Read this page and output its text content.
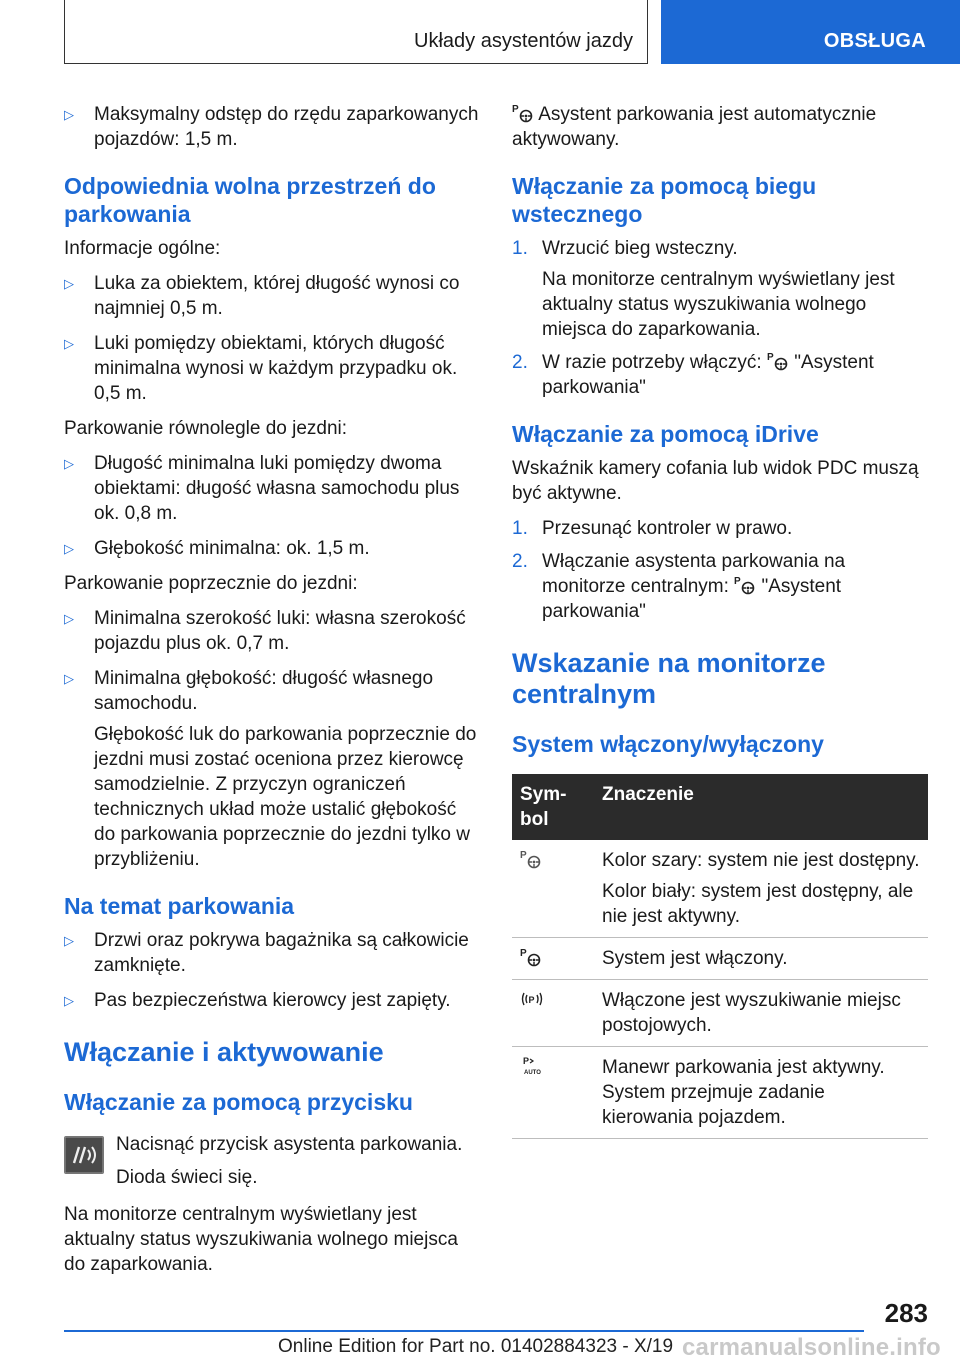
Układy asystentów jazdy	OBSŁUGA
▷ Maksymalny odstęp do rzędu zaparkowanych pojazdów: 1,5 m.
Odpowiednia wolna przestrzeń do parkowania

Informacje ogólne:

▷ Luka za obiektem, której długość wynosi co najmniej 0,5 m.
▷ Luki pomiędzy obiektami, których długość minimalna wynosi w każdym przypadku ok. 0,5 m.

Parkowanie równolegle do jezdni:

▷ Długość minimalna luki pomiędzy dwoma obiektami: długość własna samochodu plus ok. 0,8 m.
▷ Głębokość minimalna: ok. 1,5 m.

Parkowanie poprzecznie do jezdni:

▷ Minimalna szerokość luki: własna szerokość pojazdu plus ok. 0,7 m.
▷ Minimalna głębokość: długość własnego samochodu.

Głębokość luk do parkowania poprzecznie do jezdni musi zostać oceniona przez kierowcę samodzielnie. Z przyczyn ograniczeń technicznych układ może ustalić głębokość do parkowania poprzecznie do jezdni tylko w przybliżeniu.

Na temat parkowania
▷ Drzwi oraz pokrywa bagażnika są całkowicie zamknięte.
▷ Pas bezpieczeństwa kierowcy jest zapięty.
Włączanie i aktywowanie
Włączanie za pomocą przycisku

Nacisnąć przycisk asystenta parkowania.

Dioda świeci się.

Na monitorze centralnym wyświetlany jest aktualny status wyszukiwania wolnego miejsca do zaparkowania.

P Asystent parkowania jest automatycznie aktywowany.

Włączanie za pomocą biegu wstecznego
1. Wrzucić bieg wsteczny.

Na monitorze centralnym wyświetlany jest aktualny status wyszukiwania wolnego miejsca do zaparkowania.

2. W razie potrzeby włączyć: P "Asystent parkowania"
Włączanie za pomocą iDrive

Wskaźnik kamery cofania lub widok PDC muszą być aktywne.

1. Przesunąć kontroler w prawo.
2. Włączanie asystenta parkowania na monitorze centralnym: P "Asystent parkowania"
Wskazanie na monitorze centralnym
System włączony/wyłączony
Symbol	Znaczenie

P	Kolor szary: system nie jest dostępny.

Kolor biały: system jest dostępny, ale nie jest aktywny.

P	System jest włączony.

P	Włączone jest wyszukiwanie miejsc postojowych.

P
AUTO	Manewr parkowania jest aktywny. System przejmuje zadanie kierowania pojazdem.
283
Online Edition for Part no. 01402884323 - X/19 carmanualsonline.info
